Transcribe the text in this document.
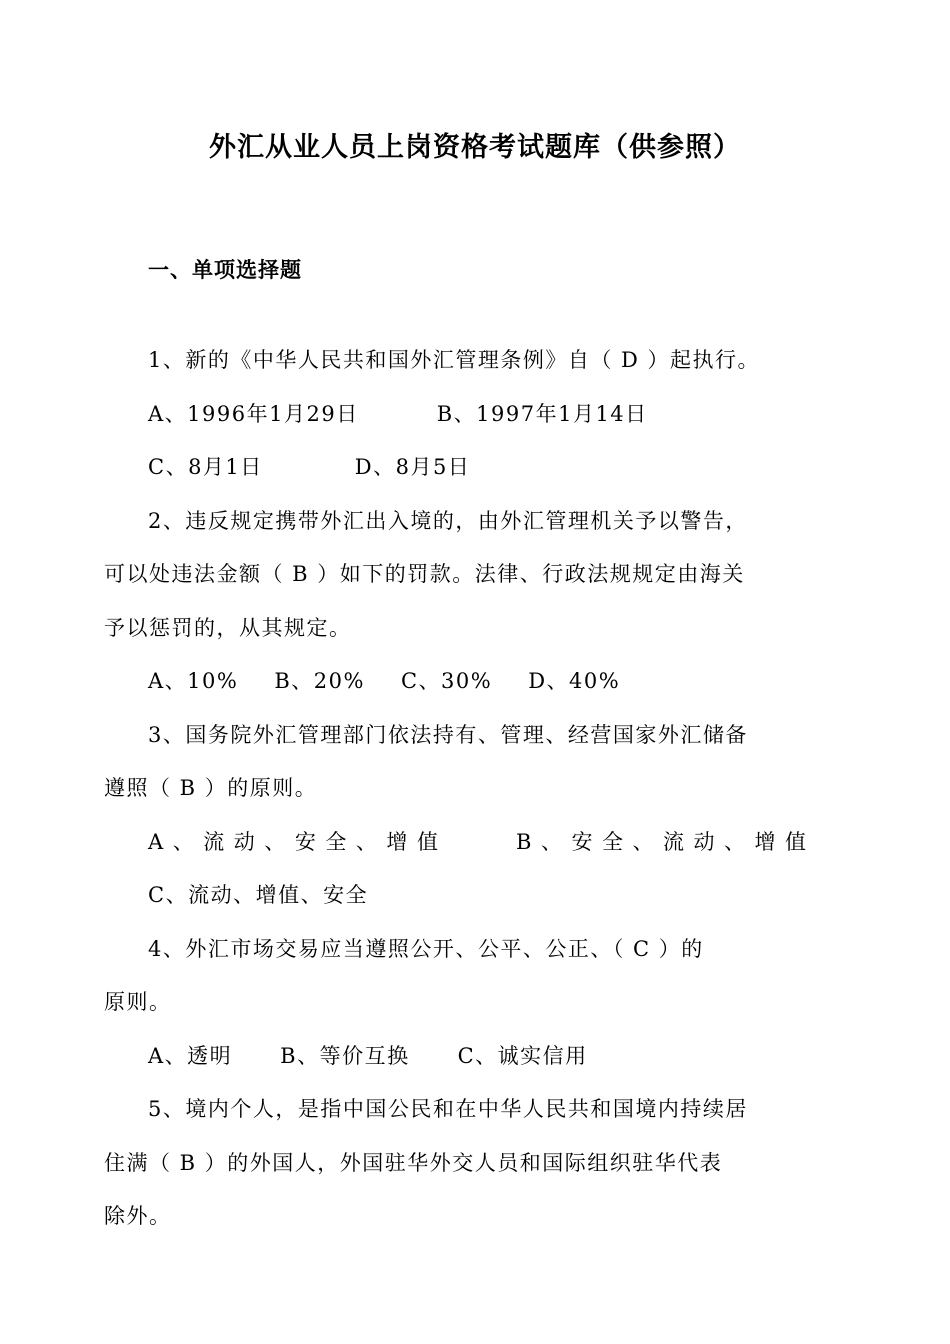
外汇从业人员上岗资格考试题库（供参照）
一、单项选择题
1、新的《中华人民共和国外汇管理条例》自（ D ）起执行。
A、1996年1月29日	B、1997年1月14日
C、8月1日	D、8月5日
2、违反规定携带外汇出入境的，由外汇管理机关予以警告，
可以处违法金额（ B ）如下的罚款。法律、行政法规规定由海关
予以惩罚的，从其规定。
A、10% B、20% C、30% D、40%
3、国务院外汇管理部门依法持有、管理、经营国家外汇储备
遵照（ B ）的原则。
A 、 流 动 、 安 全 、 增 值	B 、 安 全 、 流 动 、 增 值
C、流动、增值、安全
4、外汇市场交易应当遵照公开、公平、公正、（ C ）的
原则。
A、透明 B、等价互换 C、诚实信用
5、境内个人，是指中国公民和在中华人民共和国境内持续居
住满（ B ）的外国人，外国驻华外交人员和国际组织驻华代表
除外。
